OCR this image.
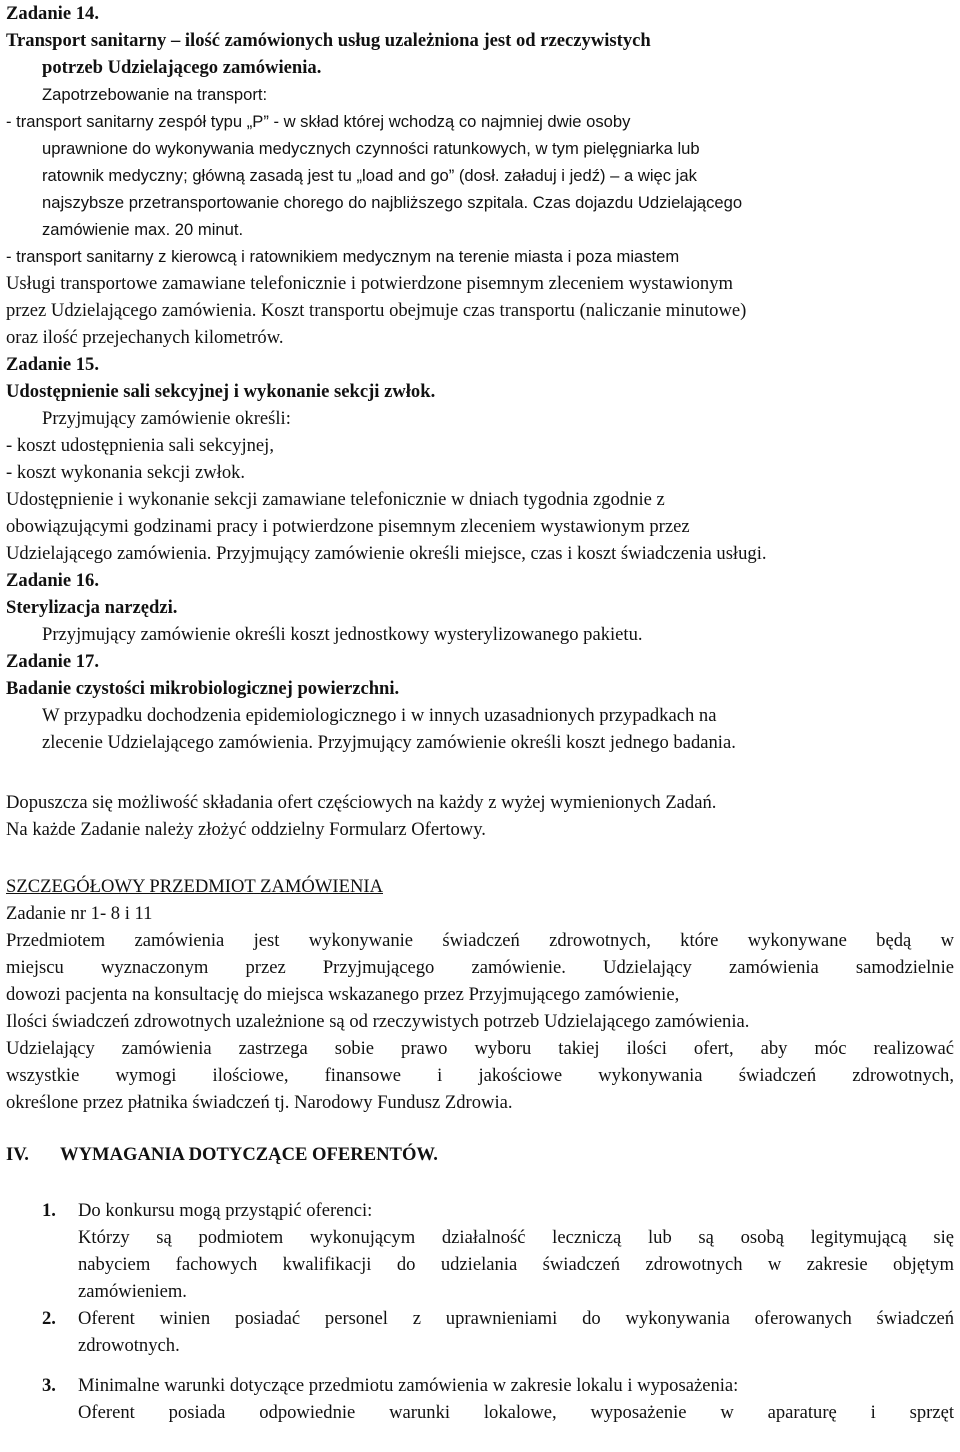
Zadanie 14.
Transport sanitarny – ilość zamówionych usług uzależniona jest od rzeczywistych
potrzeb Udzielającego zamówienia.
Zapotrzebowanie na transport:
- transport sanitarny zespół typu „P” - w skład której wchodzą co najmniej dwie osoby
uprawnione do wykonywania medycznych czynności ratunkowych, w tym pielęgniarka lub
ratownik medyczny; główną zasadą jest tu „load and go” (dosł. załaduj i jedź) – a więc jak
najszybsze przetransportowanie chorego do najbliższego szpitala. Czas dojazdu Udzielającego
zamówienie max. 20 minut.
- transport sanitarny z kierowcą i ratownikiem medycznym na terenie miasta i poza miastem
Usługi transportowe zamawiane telefonicznie i potwierdzone pisemnym zleceniem wystawionym
przez Udzielającego zamówienia. Koszt transportu obejmuje czas transportu (naliczanie minutowe)
oraz ilość przejechanych kilometrów.
Zadanie 15.
Udostępnienie sali sekcyjnej i wykonanie sekcji zwłok.
Przyjmujący zamówienie określi:
- koszt udostępnienia sali sekcyjnej,
- koszt wykonania sekcji zwłok.
Udostępnienie i wykonanie sekcji zamawiane telefonicznie w dniach tygodnia zgodnie z
obowiązującymi godzinami pracy i potwierdzone pisemnym zleceniem wystawionym przez
Udzielającego zamówienia. Przyjmujący zamówienie określi miejsce, czas i koszt świadczenia usługi.
Zadanie 16.
Sterylizacja narzędzi.
Przyjmujący zamówienie określi koszt jednostkowy wysterylizowanego pakietu.
Zadanie 17.
Badanie czystości mikrobiologicznej powierzchni.
W przypadku dochodzenia epidemiologicznego i w innych uzasadnionych przypadkach na
zlecenie Udzielającego zamówienia. Przyjmujący zamówienie określi koszt jednego badania.
Dopuszcza się możliwość składania ofert częściowych na każdy z wyżej wymienionych Zadań.
Na każde Zadanie należy złożyć oddzielny Formularz Ofertowy.
SZCZEGÓŁOWY PRZEDMIOT ZAMÓWIENIA
Zadanie nr 1- 8 i 11
Przedmiotem zamówienia jest wykonywanie świadczeń zdrowotnych, które wykonywane będą w
miejscu wyznaczonym przez Przyjmującego zamówienie. Udzielający zamówienia samodzielnie
dowozi pacjenta na konsultację do miejsca wskazanego przez Przyjmującego zamówienie,
Ilości świadczeń zdrowotnych uzależnione są od rzeczywistych potrzeb Udzielającego zamówienia.
Udzielający zamówienia zastrzega sobie prawo wyboru takiej ilości ofert, aby móc realizować
wszystkie wymogi ilościowe, finansowe i jakościowe wykonywania świadczeń zdrowotnych,
określone przez płatnika świadczeń tj. Narodowy Fundusz Zdrowia.
IV. WYMAGANIA DOTYCZĄCE OFERENTÓW.
1. Do konkursu mogą przystąpić oferenci:
Którzy są podmiotem wykonującym działalność leczniczą lub są osobą legitymującą się
nabyciem fachowych kwalifikacji do udzielania świadczeń zdrowotnych w zakresie objętym
zamówieniem.
2. Oferent winien posiadać personel z uprawnieniami do wykonywania oferowanych świadczeń
zdrowotnych.
3. Minimalne warunki dotyczące przedmiotu zamówienia w zakresie lokalu i wyposażenia:
Oferent posiada odpowiednie warunki lokalowe, wyposażenie w aparaturę i sprzęt
